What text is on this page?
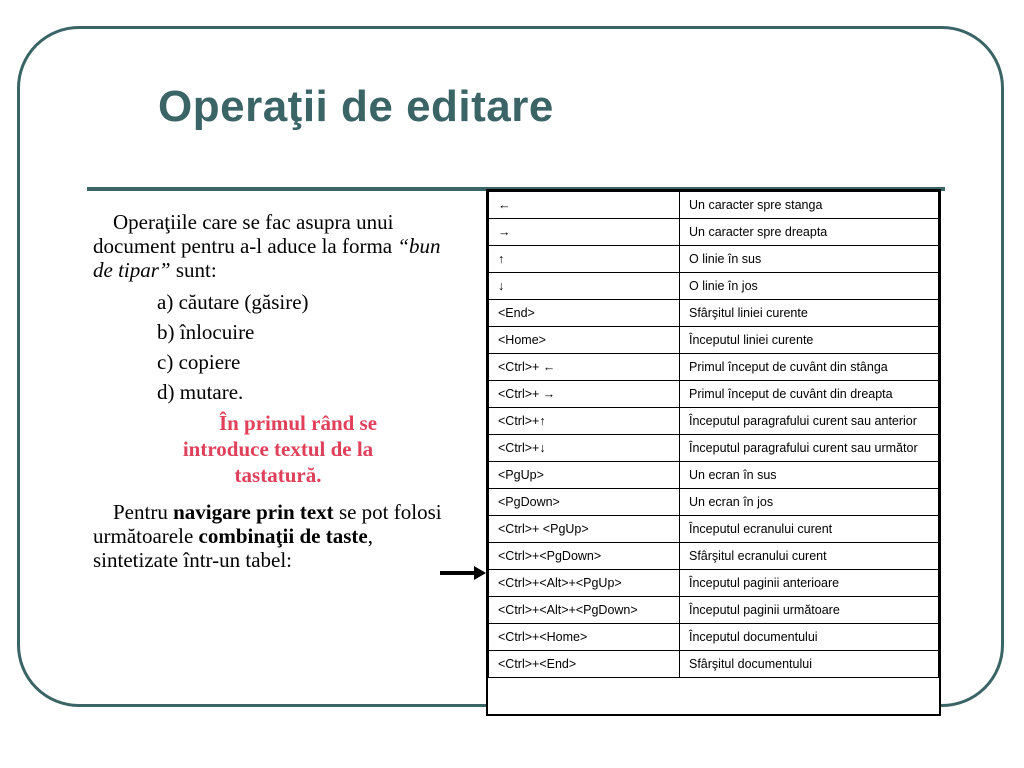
Operaţii de editare

Operaţiile care se fac asupra unui document pentru a-l aduce la forma “bun de tipar” sunt:

a) căutare (găsire)

b) înlocuire

c) copiere

d) mutare.

În primul rând se
introduce textul de la
tastatură.

Pentru navigare prin text se pot folosi următoarele combinaţii de taste, sintetizate într-un tabel:

←	Un caracter spre stanga
→	Un caracter spre dreapta
↑	O linie în sus
↓	O linie în jos
<End>	Sfârşitul liniei curente
<Home>	Începutul liniei curente
<Ctrl>+ ←	Primul început de cuvânt din stânga
<Ctrl>+ →	Primul început de cuvânt din dreapta
<Ctrl>+↑	Începutul paragrafului curent sau anterior
<Ctrl>+↓	Începutul paragrafului curent sau următor
<PgUp>	Un ecran în sus
<PgDown>	Un ecran în jos
<Ctrl>+ <PgUp>	Începutul ecranului curent
<Ctrl>+<PgDown>	Sfârşitul ecranului curent
<Ctrl>+<Alt>+<PgUp>	Începutul paginii anterioare
<Ctrl>+<Alt>+<PgDown>	Începutul paginii următoare
<Ctrl>+<Home>	Începutul documentului
<Ctrl>+<End>	Sfârşitul documentului
